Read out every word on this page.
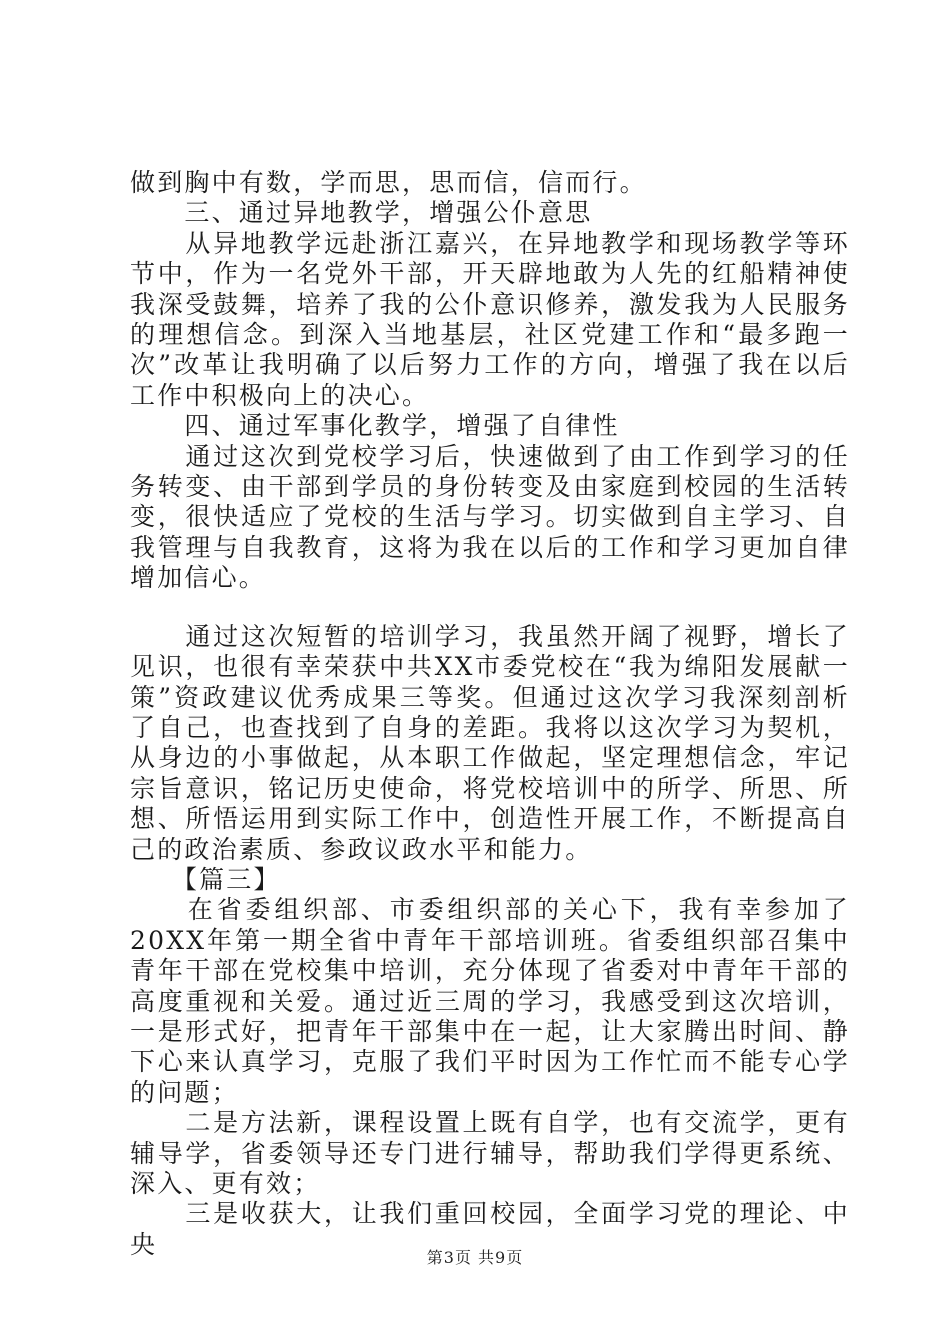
做到胸中有数，学而思，思而信，信而行。

　　三、通过异地教学，增强公仆意思

　　从异地教学远赴浙江嘉兴，在异地教学和现场教学等环节中，作为一名党外干部，开天辟地敢为人先的红船精神使我深受鼓舞，培养了我的公仆意识修养，激发我为人民服务的理想信念。到深入当地基层，社区党建工作和“最多跑一次”改革让我明确了以后努力工作的方向，增强了我在以后工作中积极向上的决心。

　　四、通过军事化教学，增强了自律性

　　通过这次到党校学习后，快速做到了由工作到学习的任务转变、由干部到学员的身份转变及由家庭到校园的生活转变，很快适应了党校的生活与学习。切实做到自主学习、自我管理与自我教育，这将为我在以后的工作和学习更加自律增加信心。

　　通过这次短暂的培训学习，我虽然开阔了视野，增长了见识，也很有幸荣获中共XX市委党校在“我为绵阳发展献一策”资政建议优秀成果三等奖。但通过这次学习我深刻剖析了自己，也查找到了自身的差距。我将以这次学习为契机，从身边的小事做起，从本职工作做起，坚定理想信念，牢记宗旨意识，铭记历史使命，将党校培训中的所学、所思、所想、所悟运用到实际工作中，创造性开展工作，不断提高自己的政治素质、参政议政水平和能力。

　　【篇三】

　　在省委组织部、市委组织部的关心下，我有幸参加了20XX年第一期全省中青年干部培训班。省委组织部召集中青年干部在党校集中培训，充分体现了省委对中青年干部的高度重视和关爱。通过近三周的学习，我感受到这次培训，一是形式好，把青年干部集中在一起，让大家腾出时间、静下心来认真学习，克服了我们平时因为工作忙而不能专心学的问题；

　　二是方法新，课程设置上既有自学，也有交流学，更有辅导学，省委领导还专门进行辅导，帮助我们学得更系统、深入、更有效；

　　三是收获大，让我们重回校园，全面学习党的理论、中央	第3页 共9页
